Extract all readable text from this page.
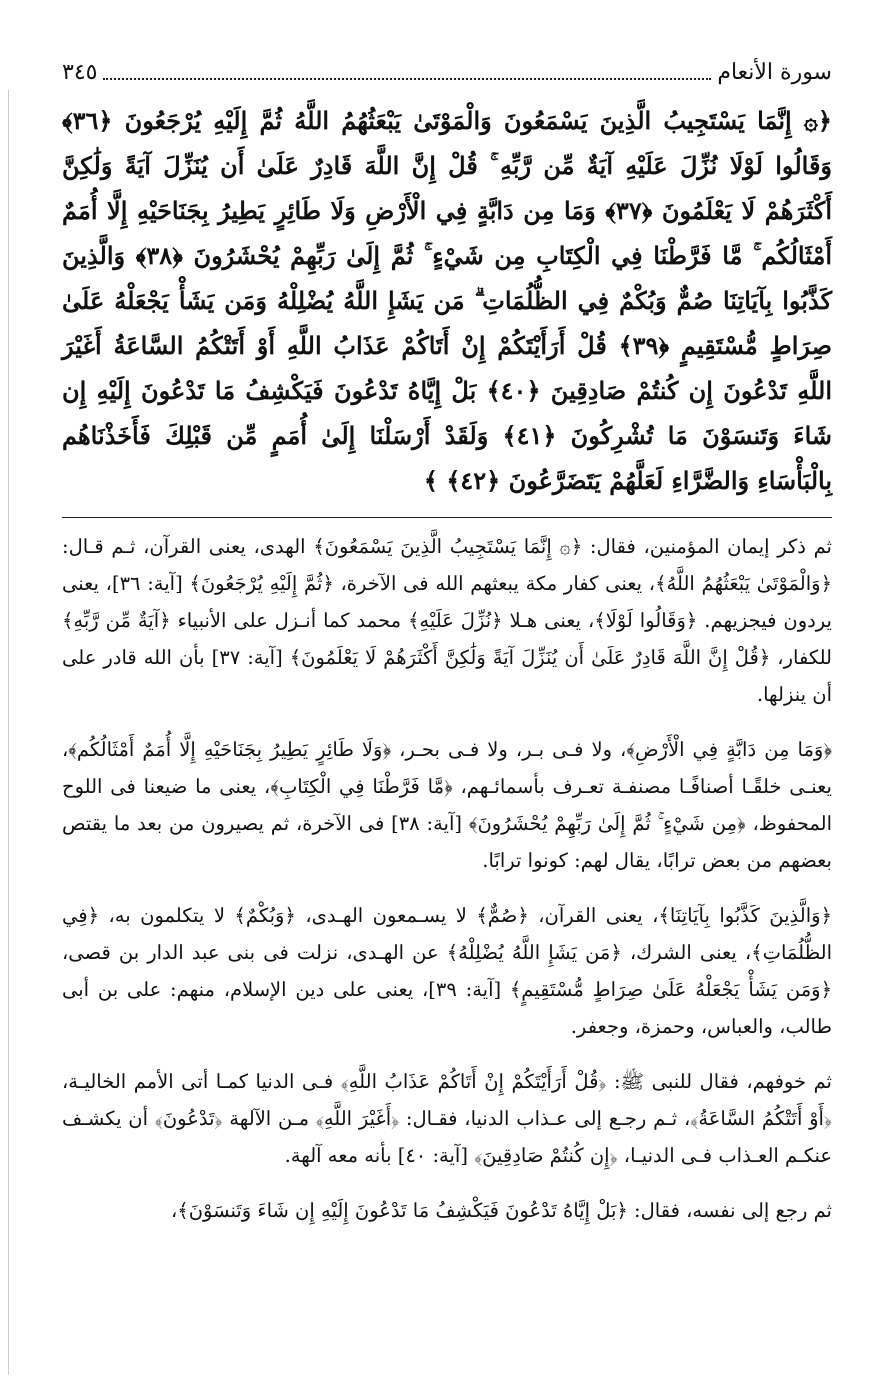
سورة الأنعام
٣٤٥
﴿۞ إِنَّمَا يَسْتَجِيبُ الَّذِينَ يَسْمَعُونَ وَالْمَوْتَىٰ يَبْعَثُهُمُ اللَّهُ ثُمَّ إِلَيْهِ يُرْجَعُونَ ﴿٣٦﴾ وَقَالُوا لَوْلَا نُزِّلَ عَلَيْهِ آيَةٌ مِّن رَّبِّهِ ۚ قُلْ إِنَّ اللَّهَ قَادِرٌ عَلَىٰ أَن يُنَزِّلَ آيَةً وَلَٰكِنَّ أَكْثَرَهُمْ لَا يَعْلَمُونَ ﴿٣٧﴾ وَمَا مِن دَابَّةٍ فِي الْأَرْضِ وَلَا طَائِرٍ يَطِيرُ بِجَنَاحَيْهِ إِلَّا أُمَمٌ أَمْثَالُكُم ۚ مَّا فَرَّطْنَا فِي الْكِتَابِ مِن شَيْءٍ ۚ ثُمَّ إِلَىٰ رَبِّهِمْ يُحْشَرُونَ ﴿٣٨﴾ وَالَّذِينَ كَذَّبُوا بِآيَاتِنَا صُمٌّ وَبُكْمٌ فِي الظُّلُمَاتِ ۗ مَن يَشَإِ اللَّهُ يُضْلِلْهُ وَمَن يَشَأْ يَجْعَلْهُ عَلَىٰ صِرَاطٍ مُّسْتَقِيمٍ ﴿٣٩﴾ قُلْ أَرَأَيْتَكُمْ إِنْ أَتَاكُمْ عَذَابُ اللَّهِ أَوْ أَتَتْكُمُ السَّاعَةُ أَغَيْرَ اللَّهِ تَدْعُونَ إِن كُنتُمْ صَادِقِينَ ﴿٤٠﴾ بَلْ إِيَّاهُ تَدْعُونَ فَيَكْشِفُ مَا تَدْعُونَ إِلَيْهِ إِن شَاءَ وَتَنسَوْنَ مَا تُشْرِكُونَ ﴿٤١﴾ وَلَقَدْ أَرْسَلْنَا إِلَىٰ أُمَمٍ مِّن قَبْلِكَ فَأَخَذْنَاهُم بِالْبَأْسَاءِ وَالضَّرَّاءِ لَعَلَّهُمْ يَتَضَرَّعُونَ ﴿٤٢﴾ ﴾

ثم ذكر إيمان المؤمنين، فقال: ﴿۞ إِنَّمَا يَسْتَجِيبُ الَّذِينَ يَسْمَعُونَ﴾ الهدى، يعنى القرآن، ثـم قـال: ﴿وَالْمَوْتَىٰ يَبْعَثُهُمُ اللَّهُ﴾، يعنى كفار مكة يبعثهم الله فى الآخرة، ﴿ثُمَّ إِلَيْهِ يُرْجَعُونَ﴾ [آية: ٣٦]، يعنى يردون فيجزيهم. ﴿وَقَالُوا لَوْلَا﴾، يعنى هـلا ﴿نُزِّلَ عَلَيْهِ﴾ محمد كما أنـزل على الأنبياء ﴿آيَةٌ مِّن رَّبِّهِ﴾ للكفار، ﴿قُلْ إِنَّ اللَّهَ قَادِرٌ عَلَىٰ أَن يُنَزِّلَ آيَةً وَلَٰكِنَّ أَكْثَرَهُمْ لَا يَعْلَمُونَ﴾ [آية: ٣٧] بأن الله قادر على أن ينزلها.

﴿وَمَا مِن دَابَّةٍ فِي الْأَرْضِ﴾، ولا فـى بـر، ولا فـى بحـر، ﴿وَلَا طَائِرٍ يَطِيرُ بِجَنَاحَيْهِ إِلَّا أُمَمٌ أَمْثَالُكُم﴾، يعنـى خلقًـا أصنافًـا مصنفـة تعـرف بأسمائـهم، ﴿مَّا فَرَّطْنَا فِي الْكِتَابِ﴾، يعنى ما ضيعنا فى اللوح المحفوظ، ﴿مِن شَيْءٍ ۚ ثُمَّ إِلَىٰ رَبِّهِمْ يُحْشَرُونَ﴾ [آية: ٣٨] فى الآخرة، ثم يصيرون من بعد ما يقتص بعضهم من بعض ترابًا، يقال لهم: كونوا ترابًا.

﴿وَالَّذِينَ كَذَّبُوا بِآيَاتِنَا﴾، يعنى القرآن، ﴿صُمٌّ﴾ لا يسـمعون الهـدى، ﴿وَبُكْمٌ﴾ لا يتكلمون به، ﴿فِي الظُّلُمَاتِ﴾، يعنى الشرك، ﴿مَن يَشَإِ اللَّهُ يُضْلِلْهُ﴾ عن الهـدى، نزلت فى بنى عبد الدار بن قصى، ﴿وَمَن يَشَأْ يَجْعَلْهُ عَلَىٰ صِرَاطٍ مُّسْتَقِيمٍ﴾ [آية: ٣٩]، يعنى على دين الإسلام، منهم: على بن أبى طالب، والعباس، وحمزة، وجعفر.

ثم خوفهم، فقال للنبى ﷺ: ﴿قُلْ أَرَأَيْتَكُمْ إِنْ أَتَاكُمْ عَذَابُ اللَّهِ﴾ فـى الدنيا كمـا أتى الأمم الخاليـة، ﴿أَوْ أَتَتْكُمُ السَّاعَةُ﴾، ثـم رجـع إلى عـذاب الدنيا، فقـال: ﴿أَغَيْرَ اللَّهِ﴾ مـن الآلهة ﴿تَدْعُونَ﴾ أن يكشـف عنكـم العـذاب فـى الدنيـا، ﴿إِن كُنتُمْ صَادِقِينَ﴾ [آية: ٤٠] بأنه معه آلهة.

ثم رجع إلى نفسه، فقال: ﴿بَلْ إِيَّاهُ تَدْعُونَ فَيَكْشِفُ مَا تَدْعُونَ إِلَيْهِ إِن شَاءَ وَتَنسَوْنَ﴾،
